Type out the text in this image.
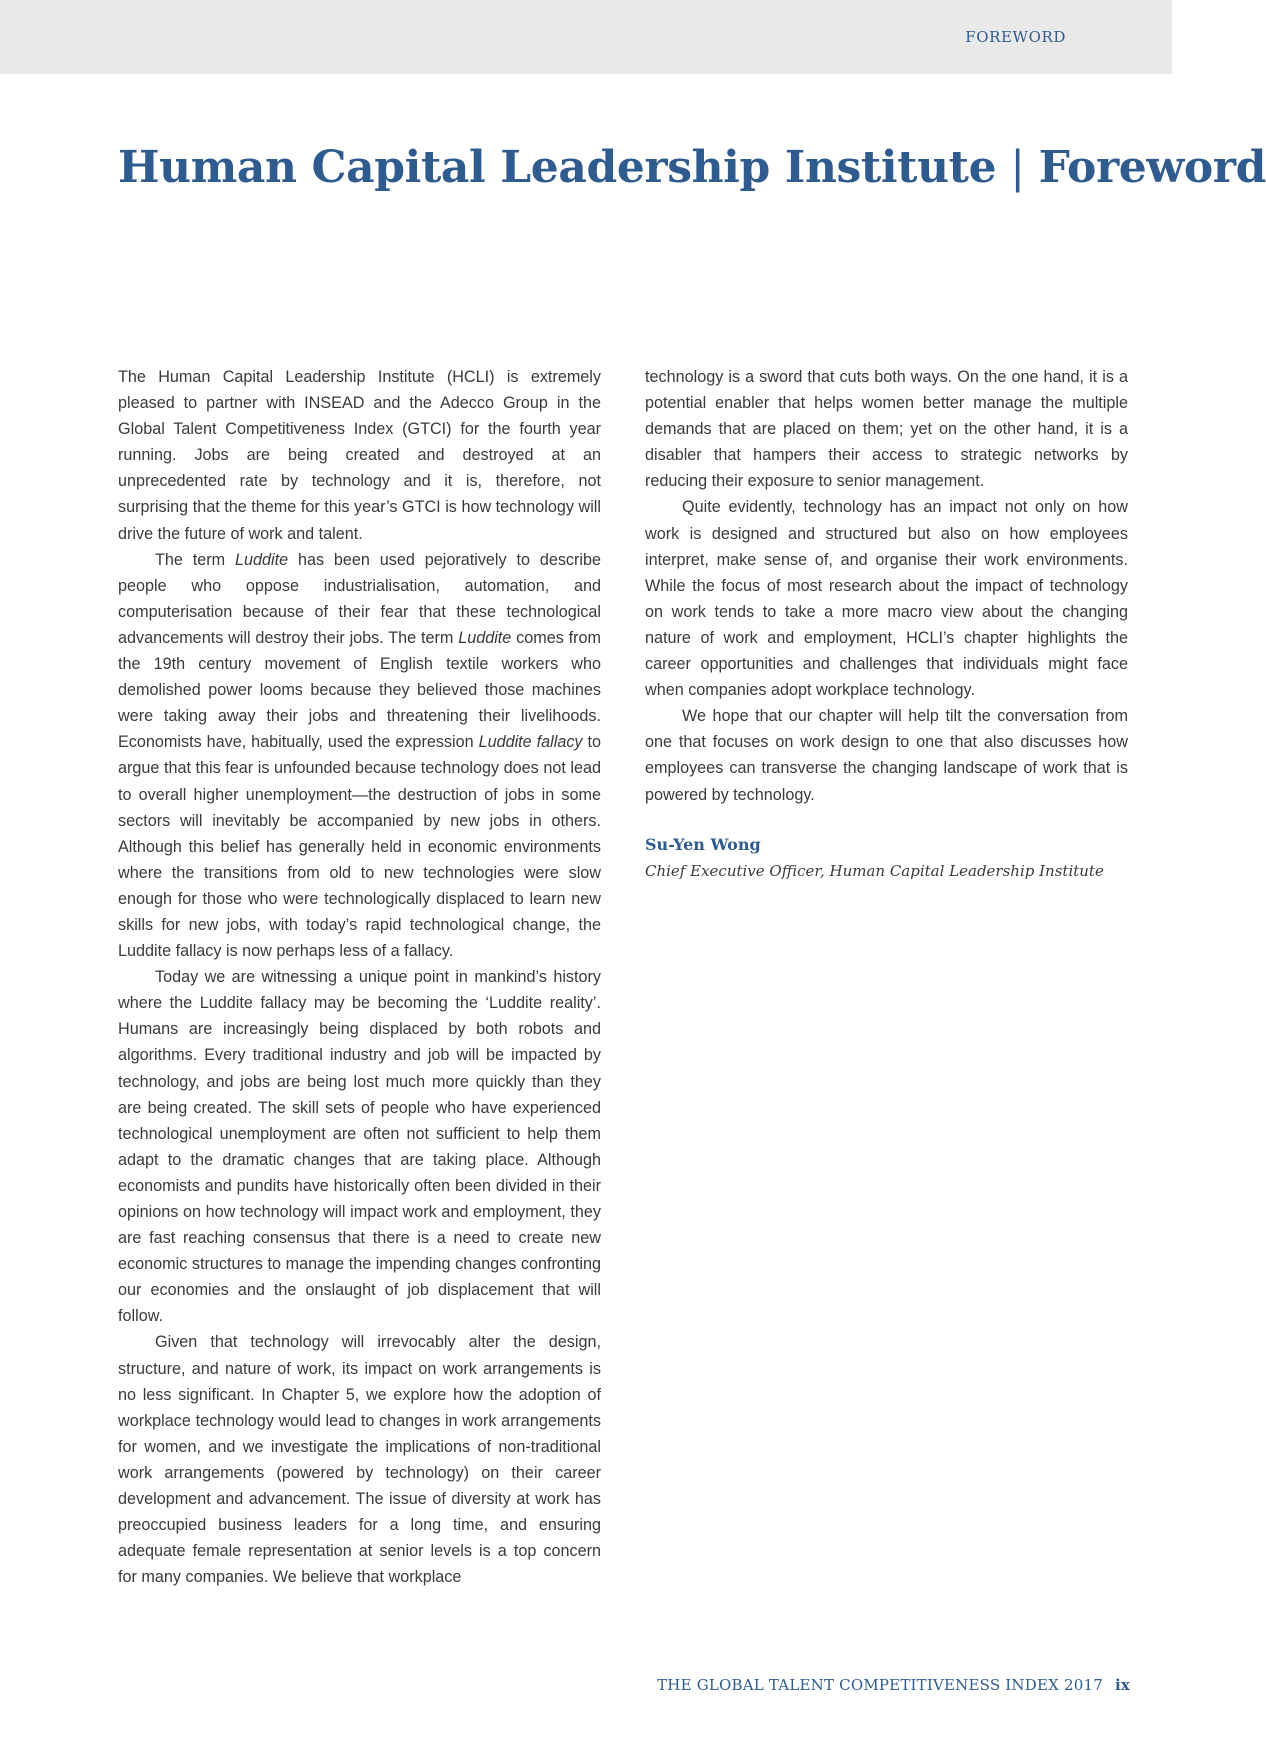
FOREWORD
Human Capital Leadership Institute | Foreword

The Human Capital Leadership Institute (HCLI) is extremely pleased to partner with INSEAD and the Adecco Group in the Global Talent Competitiveness Index (GTCI) for the fourth year running. Jobs are being created and destroyed at an unprecedented rate by technology and it is, therefore, not surprising that the theme for this year’s GTCI is how technology will drive the future of work and talent.

The term Luddite has been used pejoratively to describe people who oppose industrialisation, automation, and computerisation because of their fear that these technological advancements will destroy their jobs. The term Luddite comes from the 19th century movement of English textile workers who demolished power looms because they believed those machines were taking away their jobs and threatening their livelihoods. Economists have, habitually, used the expression Luddite fallacy to argue that this fear is unfounded because technology does not lead to overall higher unemployment—the destruction of jobs in some sectors will inevitably be accompanied by new jobs in others. Although this belief has generally held in economic environments where the transitions from old to new technologies were slow enough for those who were technologically displaced to learn new skills for new jobs, with today’s rapid technological change, the Luddite fallacy is now perhaps less of a fallacy.

Today we are witnessing a unique point in mankind’s history where the Luddite fallacy may be becoming the ‘Luddite reality’. Humans are increasingly being displaced by both robots and algorithms. Every traditional industry and job will be impacted by technology, and jobs are being lost much more quickly than they are being created. The skill sets of people who have experienced technological unemployment are often not sufficient to help them adapt to the dramatic changes that are taking place. Although economists and pundits have historically often been divided in their opinions on how technology will impact work and employment, they are fast reaching consensus that there is a need to create new economic structures to manage the impending changes confronting our economies and the onslaught of job displacement that will follow.

Given that technology will irrevocably alter the design, structure, and nature of work, its impact on work arrangements is no less significant. In Chapter 5, we explore how the adoption of workplace technology would lead to changes in work arrangements for women, and we investigate the implications of non-traditional work arrangements (powered by technology) on their career development and advancement. The issue of diversity at work has preoccupied business leaders for a long time, and ensuring adequate female representation at senior levels is a top concern for many companies. We believe that workplace

technology is a sword that cuts both ways. On the one hand, it is a potential enabler that helps women better manage the multiple demands that are placed on them; yet on the other hand, it is a disabler that hampers their access to strategic networks by reducing their exposure to senior management.

Quite evidently, technology has an impact not only on how work is designed and structured but also on how employees interpret, make sense of, and organise their work environments. While the focus of most research about the impact of technology on work tends to take a more macro view about the changing nature of work and employment, HCLI’s chapter highlights the career opportunities and challenges that individuals might face when companies adopt workplace technology.

We hope that our chapter will help tilt the conversation from one that focuses on work design to one that also discusses how employees can transverse the changing landscape of work that is powered by technology.

Su-Yen Wong
Chief Executive Officer, Human Capital Leadership Institute
THE GLOBAL TALENT COMPETITIVENESS INDEX 2017 ix
